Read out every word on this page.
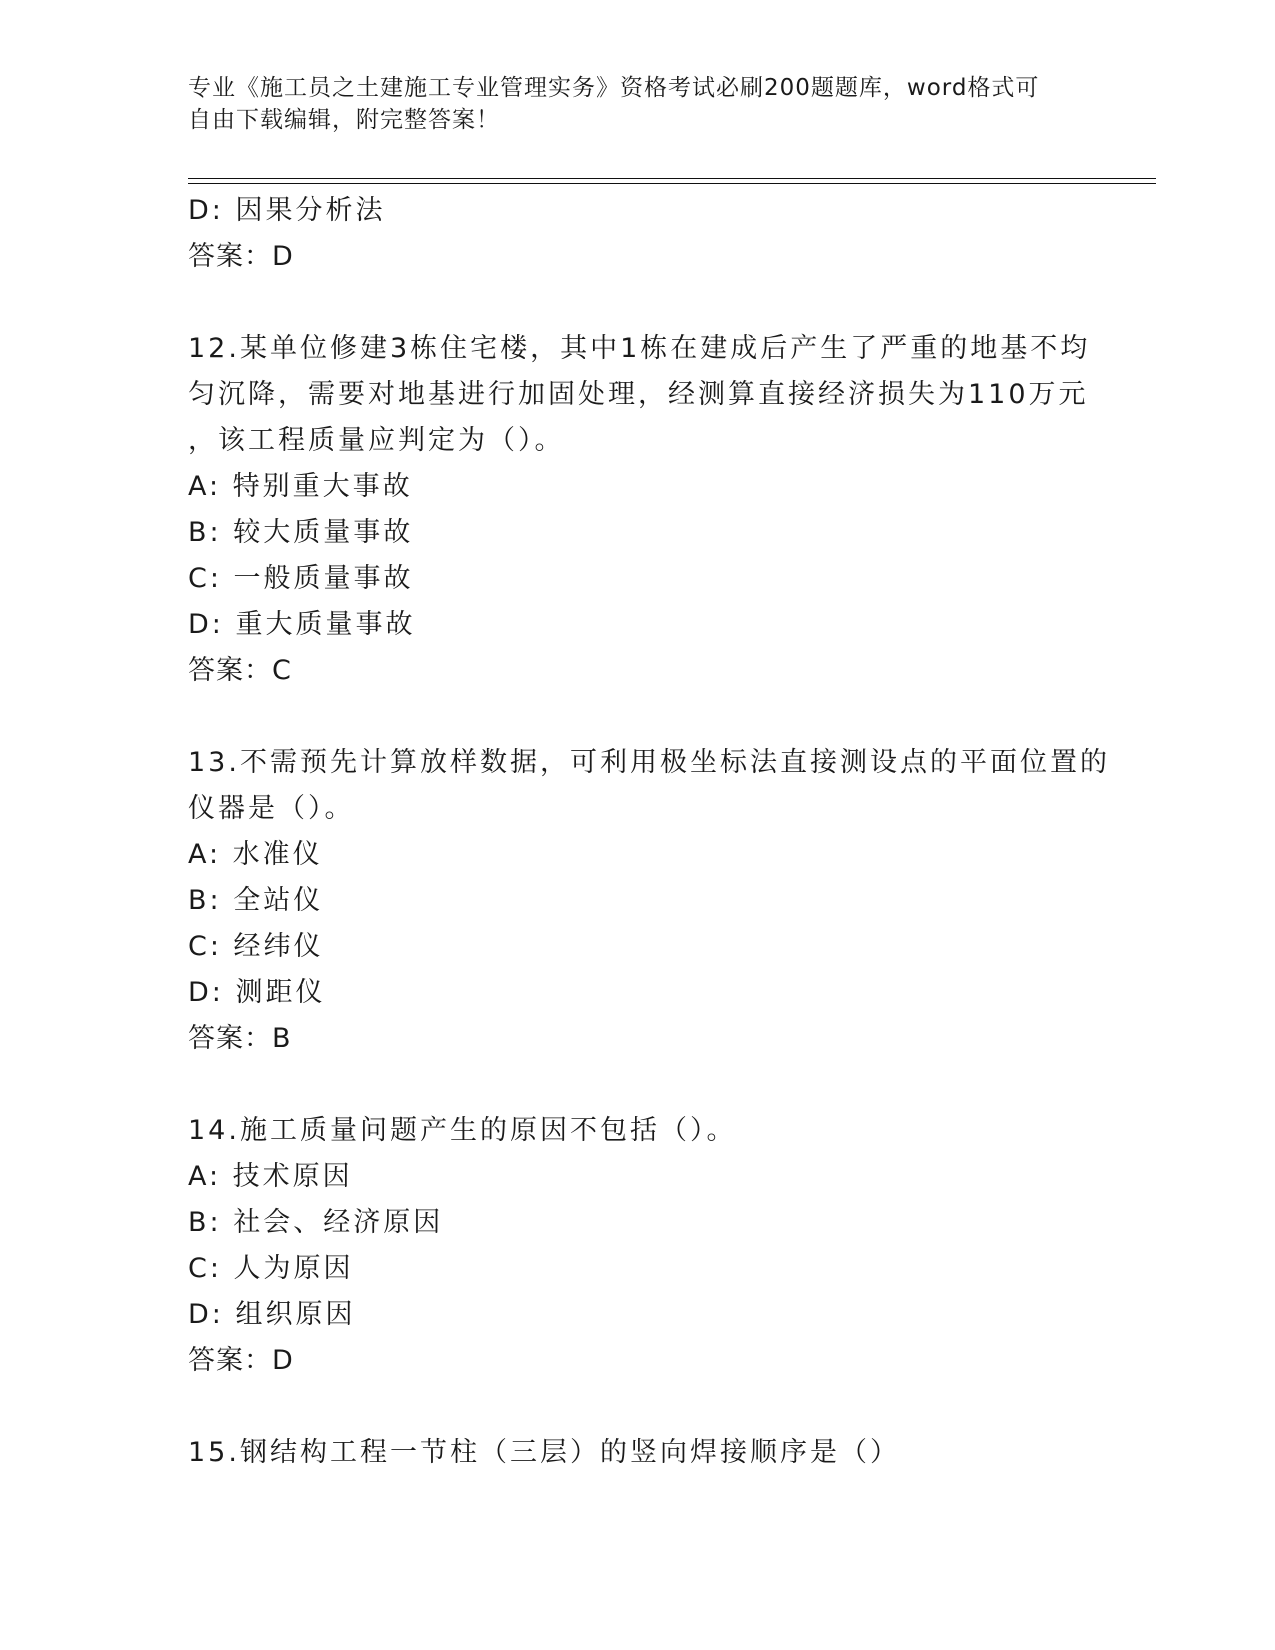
专业《施工员之土建施工专业管理实务》资格考试必刷200题题库，word格式可
自由下载编辑，附完整答案！
D: 因果分析法
答案：D
12.某单位修建3栋住宅楼，其中1栋在建成后产生了严重的地基不均
匀沉降，需要对地基进行加固处理，经测算直接经济损失为110万元
，该工程质量应判定为（）。
A: 特别重大事故
B: 较大质量事故
C: 一般质量事故
D: 重大质量事故
答案：C
13.不需预先计算放样数据，可利用极坐标法直接测设点的平面位置的
仪器是（）。
A: 水准仪
B: 全站仪
C: 经纬仪
D: 测距仪
答案：B
14.施工质量问题产生的原因不包括（）。
A: 技术原因
B: 社会、经济原因
C: 人为原因
D: 组织原因
答案：D
15.钢结构工程一节柱（三层）的竖向焊接顺序是（）
